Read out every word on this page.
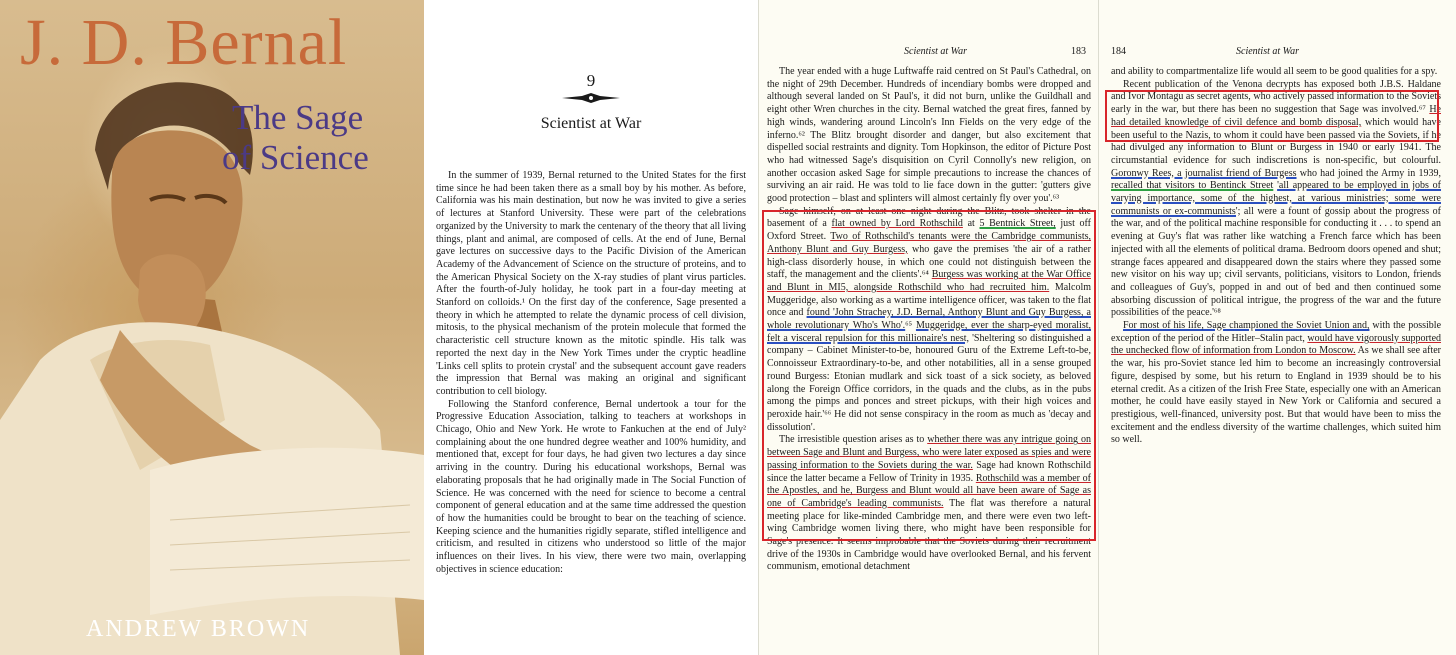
J. D. Bernal
The Sage
of Science
ANDREW BROWN
9
Scientist at War

In the summer of 1939, Bernal returned to the United States for the first time since he had been taken there as a small boy by his mother. As before, California was his main destination, but now he was invited to give a series of lectures at Stanford University. These were part of the celebrations organized by the University to mark the centenary of the theory that all living things, plant and animal, are composed of cells. At the end of June, Bernal gave lectures on successive days to the Pacific Division of the American Academy of the Advancement of Science on the structure of proteins, and to the American Physical Society on the X-ray studies of plant virus particles. After the fourth-of-July holiday, he took part in a four-day meeting at Stanford on colloids.¹ On the first day of the conference, Sage presented a theory in which he attempted to relate the dynamic process of cell division, mitosis, to the physical mechanism of the protein molecule that formed the characteristic cell structure known as the mitotic spindle. His talk was reported the next day in the New York Times under the cryptic headline 'Links cell splits to protein crystal' and the subsequent account gave readers the impression that Bernal was making an original and significant contribution to cell biology.

Following the Stanford conference, Bernal undertook a tour for the Progressive Education Association, talking to teachers at workshops in Chicago, Ohio and New York. He wrote to Fankuchen at the end of July² complaining about the one hundred degree weather and 100% humidity, and mentioned that, except for four days, he had given two lectures a day since arriving in the country. During his educational workshops, Bernal was elaborating proposals that he had originally made in The Social Function of Science. He was concerned with the need for science to become a central component of general education and at the same time addressed the question of how the humanities could be brought to bear on the teaching of science. Keeping science and the humanities rigidly separate, stifled intelligence and criticism, and resulted in citizens who understood so little of the major influences on their lives. In his view, there were two main, overlapping objectives in science education:

Scientist at War	183

The year ended with a huge Luftwaffe raid centred on St Paul's Cathedral, on the night of 29th December. Hundreds of incendiary bombs were dropped and although several landed on St Paul's, it did not burn, unlike the Guildhall and eight other Wren churches in the city. Bernal watched the great fires, fanned by high winds, wandering around Lincoln's Inn Fields on the very edge of the inferno.⁶² The Blitz brought disorder and danger, but also excitement that dispelled social restraints and dignity. Tom Hopkinson, the editor of Picture Post who had witnessed Sage's disquisition on Cyril Connolly's new religion, on another occasion asked Sage for simple precautions to increase the chances of surviving an air raid. He was told to lie face down in the gutter: 'gutters give good protection – blast and splinters will almost certainly fly over you'.⁶³

Sage himself, on at least one night during the Blitz, took shelter in the basement of a flat owned by Lord Rothschild at 5 Bentnick Street, just off Oxford Street. Two of Rothschild's tenants were the Cambridge communists, Anthony Blunt and Guy Burgess, who gave the premises 'the air of a rather high-class disorderly house, in which one could not distinguish between the staff, the management and the clients'.⁶⁴ Burgess was working at the War Office and Blunt in MI5, alongside Rothschild who had recruited him. Malcolm Muggeridge, also working as a wartime intelligence officer, was taken to the flat once and found 'John Strachey, J.D. Bernal, Anthony Blunt and Guy Burgess, a whole revolutionary Who's Who'.⁶⁵ Muggeridge, ever the sharp-eyed moralist, felt a visceral repulsion for this millionaire's nest, 'Sheltering so distinguished a company – Cabinet Minister-to-be, honoured Guru of the Extreme Left-to-be, Connoisseur Extraordinary-to-be, and other notabilities, all in a sense grouped round Burgess: Etonian mudlark and sick toast of a sick society, as beloved along the Foreign Office corridors, in the quads and the clubs, as in the pubs among the pimps and ponces and street pickups, with their high voices and peroxide hair.'⁶⁶ He did not sense conspiracy in the room as much as 'decay and dissolution'.

The irresistible question arises as to whether there was any intrigue going on between Sage and Blunt and Burgess, who were later exposed as spies and were passing information to the Soviets during the war. Sage had known Rothschild since the latter became a Fellow of Trinity in 1935. Rothschild was a member of the Apostles, and he, Burgess and Blunt would all have been aware of Sage as one of Cambridge's leading communists. The flat was therefore a natural meeting place for like-minded Cambridge men, and there were even two left-wing Cambridge women living there, who might have been responsible for Sage's presence. It seems improbable that the Soviets during their recruitment drive of the 1930s in Cambridge would have overlooked Bernal, and his fervent communism, emotional detachment

184	Scientist at War

and ability to compartmentalize life would all seem to be good qualities for a spy.

Recent publication of the Venona decrypts has exposed both J.B.S. Haldane and Ivor Montagu as secret agents, who actively passed information to the Soviets early in the war, but there has been no suggestion that Sage was involved.⁶⁷ He had detailed knowledge of civil defence and bomb disposal, which would have been useful to the Nazis, to whom it could have been passed via the Soviets, if he had divulged any information to Blunt or Burgess in 1940 or early 1941. The circumstantial evidence for such indiscretions is non-specific, but colourful. Goronwy Rees, a journalist friend of Burgess who had joined the Army in 1939, recalled that visitors to Bentinck Street 'all appeared to be employed in jobs of varying importance, some of the highest, at various ministries; some were communists or ex-communists'; all were a fount of gossip about the progress of the war, and of the political machine responsible for conducting it . . . to spend an evening at Guy's flat was rather like watching a French farce which has been injected with all the elements of political drama. Bedroom doors opened and shut; strange faces appeared and disappeared down the stairs where they passed some new visitor on his way up; civil servants, politicians, visitors to London, friends and colleagues of Guy's, popped in and out of bed and then continued some absorbing discussion of political intrigue, the progress of the war and the future possibilities of the peace.'⁶⁸

For most of his life, Sage championed the Soviet Union and, with the possible exception of the period of the Hitler–Stalin pact, would have vigorously supported the unchecked flow of information from London to Moscow. As we shall see after the war, his pro-Soviet stance led him to become an increasingly controversial figure, despised by some, but his return to England in 1939 should be to his eternal credit. As a citizen of the Irish Free State, especially one with an American mother, he could have easily stayed in New York or California and secured a prestigious, well-financed, university post. But that would have been to miss the excitement and the endless diversity of the wartime challenges, which suited him so well.
